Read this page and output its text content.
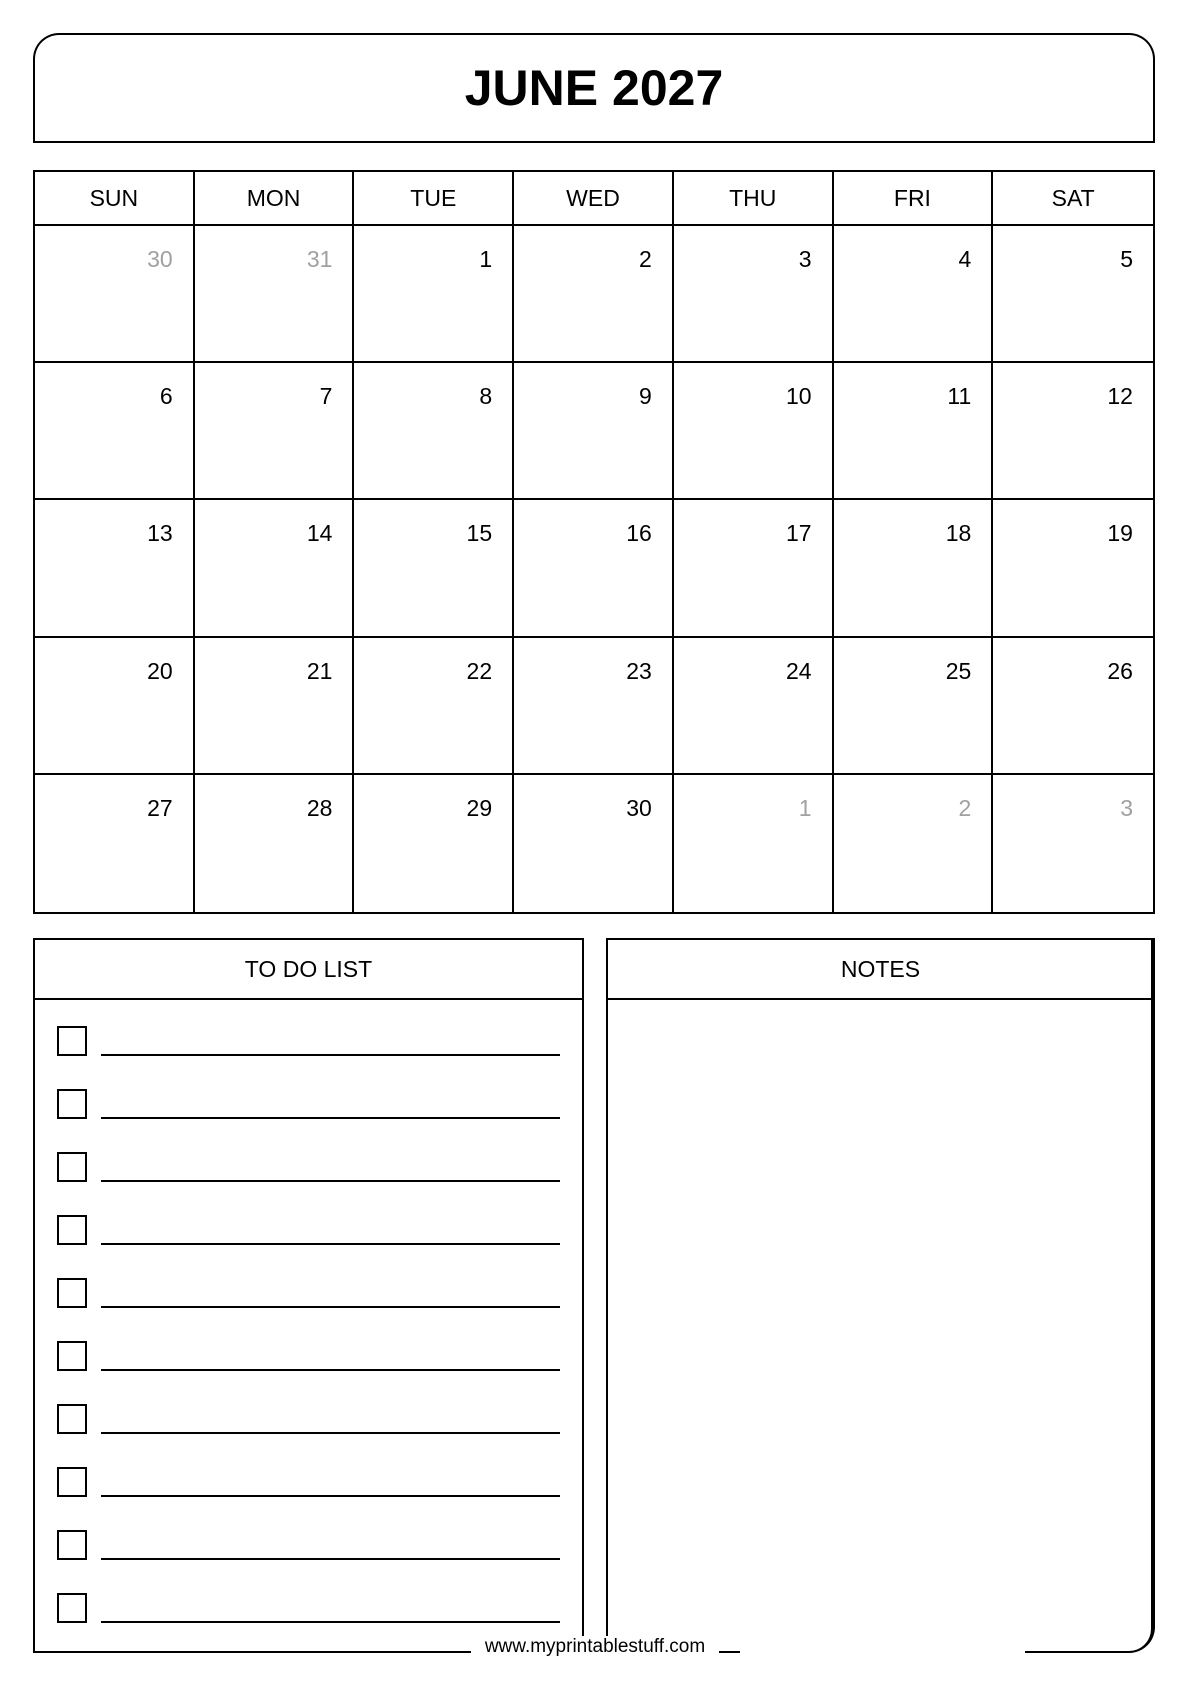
JUNE 2027
SUN	MON	TUE	WED	THU	FRI	SAT
30	31	1	2	3	4	5
6	7	8	9	10	11	12
13	14	15	16	17	18	19
20	21	22	23	24	25	26
27	28	29	30	1	2	3
TO DO LIST	NOTES
www.myprintablestuff.com
